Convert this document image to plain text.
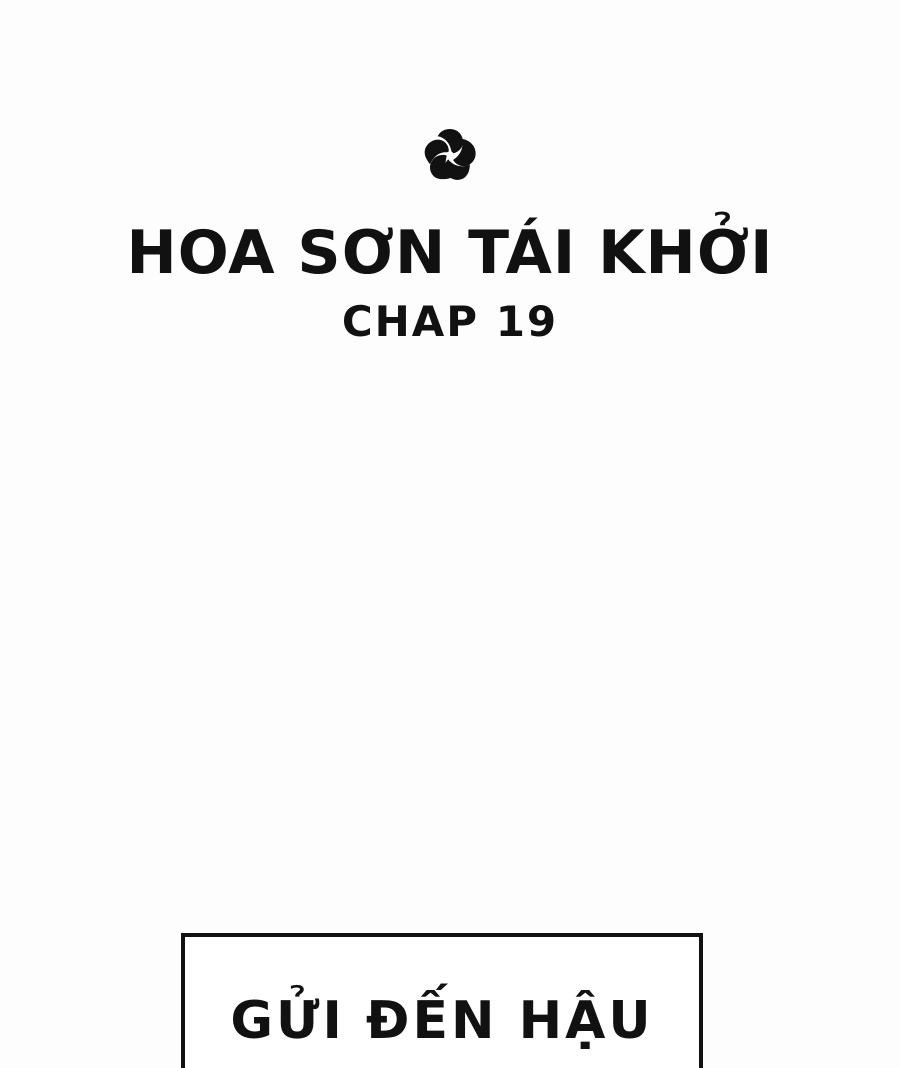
HOA SƠN TÁI KHỞI
CHAP 19
GỬI ĐẾN HẬU
